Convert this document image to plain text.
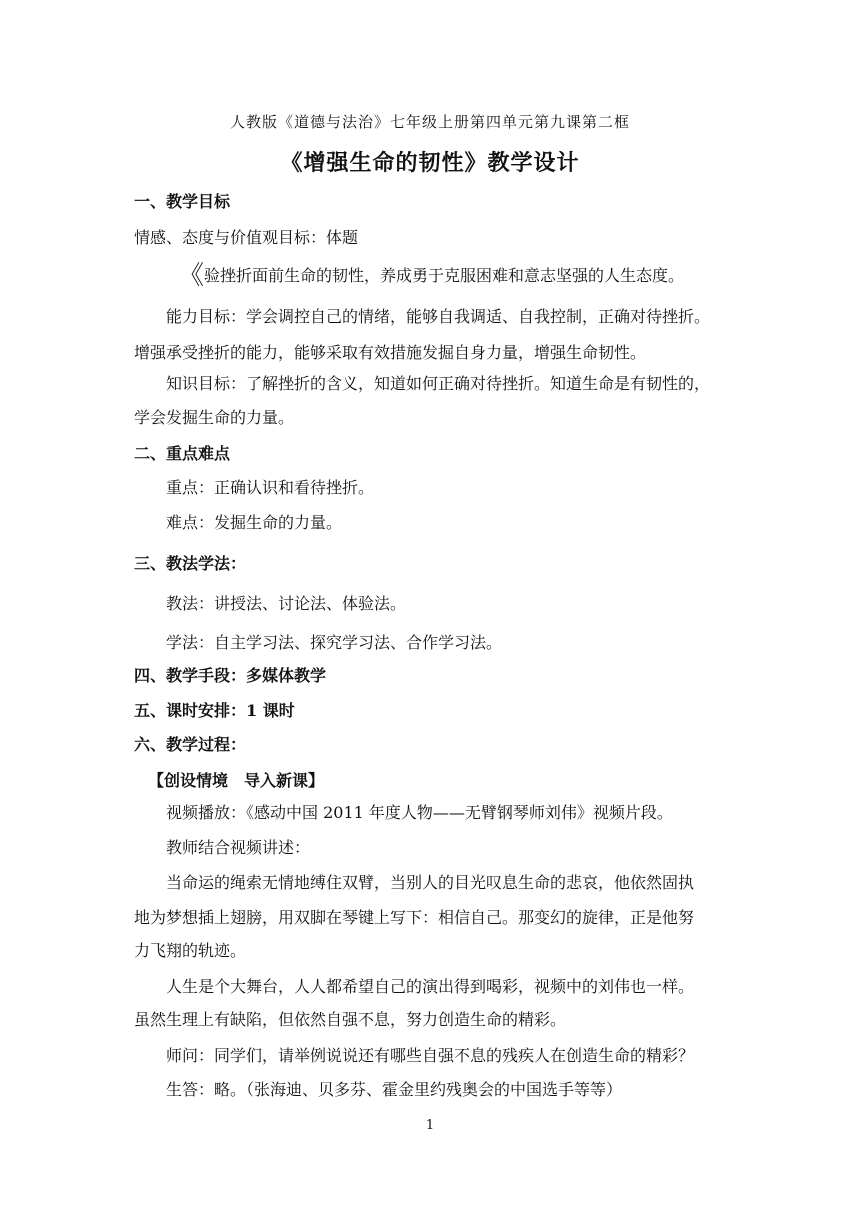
人教版《道德与法治》七年级上册第四单元第九课第二框
《增强生命的韧性》教学设计
一、教学目标
情感、态度与价值观目标：体题
《验挫折面前生命的韧性，养成勇于克服困难和意志坚强的人生态度。
能力目标：学会调控自己的情绪，能够自我调适、自我控制，正确对待挫折。
增强承受挫折的能力，能够采取有效措施发掘自身力量，增强生命韧性。
知识目标：了解挫折的含义，知道如何正确对待挫折。知道生命是有韧性的，
学会发掘生命的力量。
二、重点难点
重点：正确认识和看待挫折。
难点：发掘生命的力量。
三、教法学法：
教法：讲授法、讨论法、体验法。
学法：自主学习法、探究学习法、合作学习法。
四、教学手段：多媒体教学
五、课时安排：1 课时
六、教学过程：
【创设情境　导入新课】
视频播放：《感动中国 2011 年度人物——无臂钢琴师刘伟》视频片段。
教师结合视频讲述：
当命运的绳索无情地缚住双臂，当别人的目光叹息生命的悲哀，他依然固执
地为梦想插上翅膀，用双脚在琴键上写下：相信自己。那变幻的旋律，正是他努
力飞翔的轨迹。
人生是个大舞台，人人都希望自己的演出得到喝彩，视频中的刘伟也一样。
虽然生理上有缺陷，但依然自强不息，努力创造生命的精彩。
师问：同学们，请举例说说还有哪些自强不息的残疾人在创造生命的精彩？
生答：略。（张海迪、贝多芬、霍金里约残奥会的中国选手等等）
1
